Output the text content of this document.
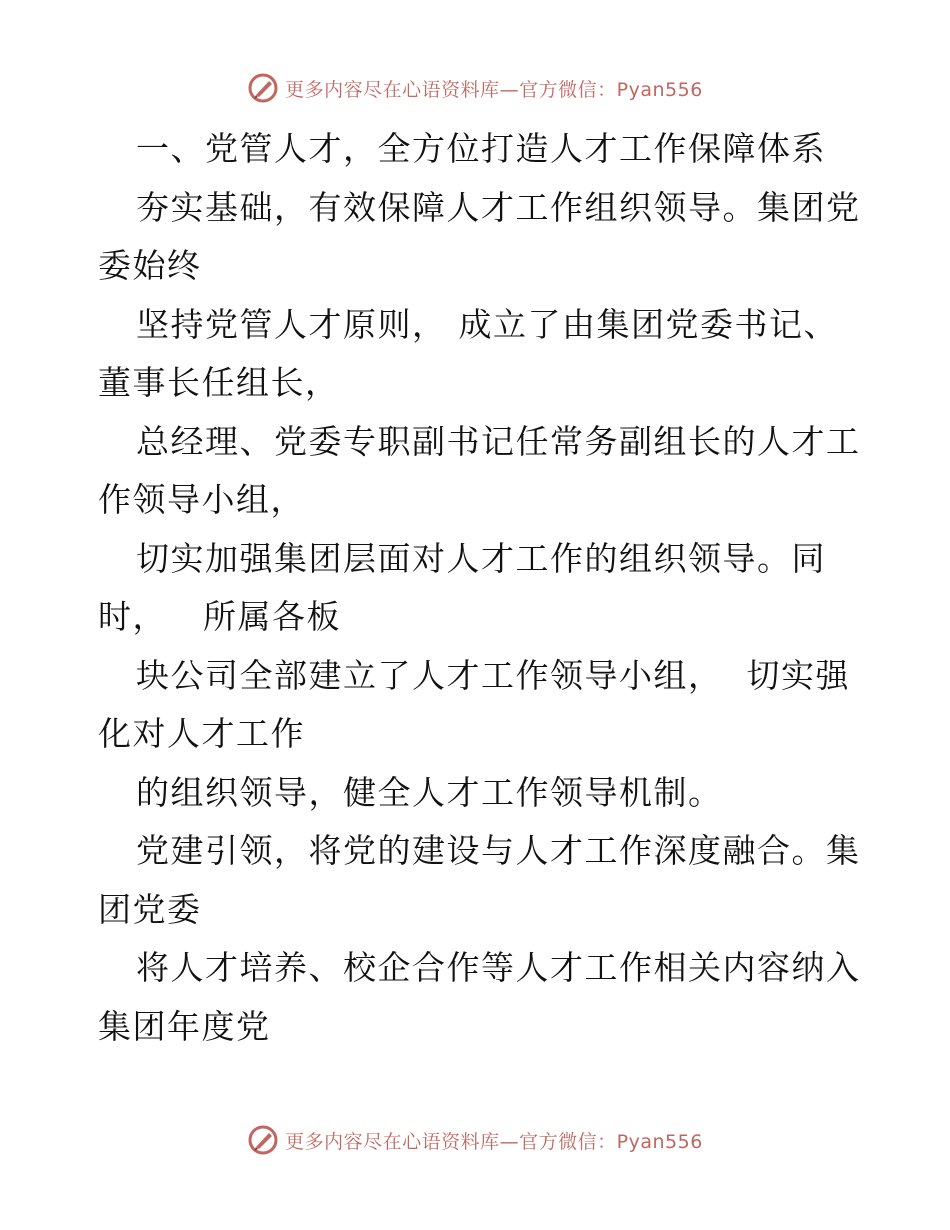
更多内容尽在心语资料库—官方微信：Pyan556
一、党管人才，全方位打造人才工作保障体系
夯实基础，有效保障人才工作组织领导。集团党
委始终
坚持党管人才原则， 成立了由集团党委书记、
董事长任组长，
总经理、党委专职副书记任常务副组长的人才工
作领导小组，
切实加强集团层面对人才工作的组织领导。同
时，   所属各板
块公司全部建立了人才工作领导小组，  切实强
化对人才工作
的组织领导，健全人才工作领导机制。
党建引领，将党的建设与人才工作深度融合。集
团党委
将人才培养、校企合作等人才工作相关内容纳入
集团年度党
更多内容尽在心语资料库—官方微信：Pyan556
